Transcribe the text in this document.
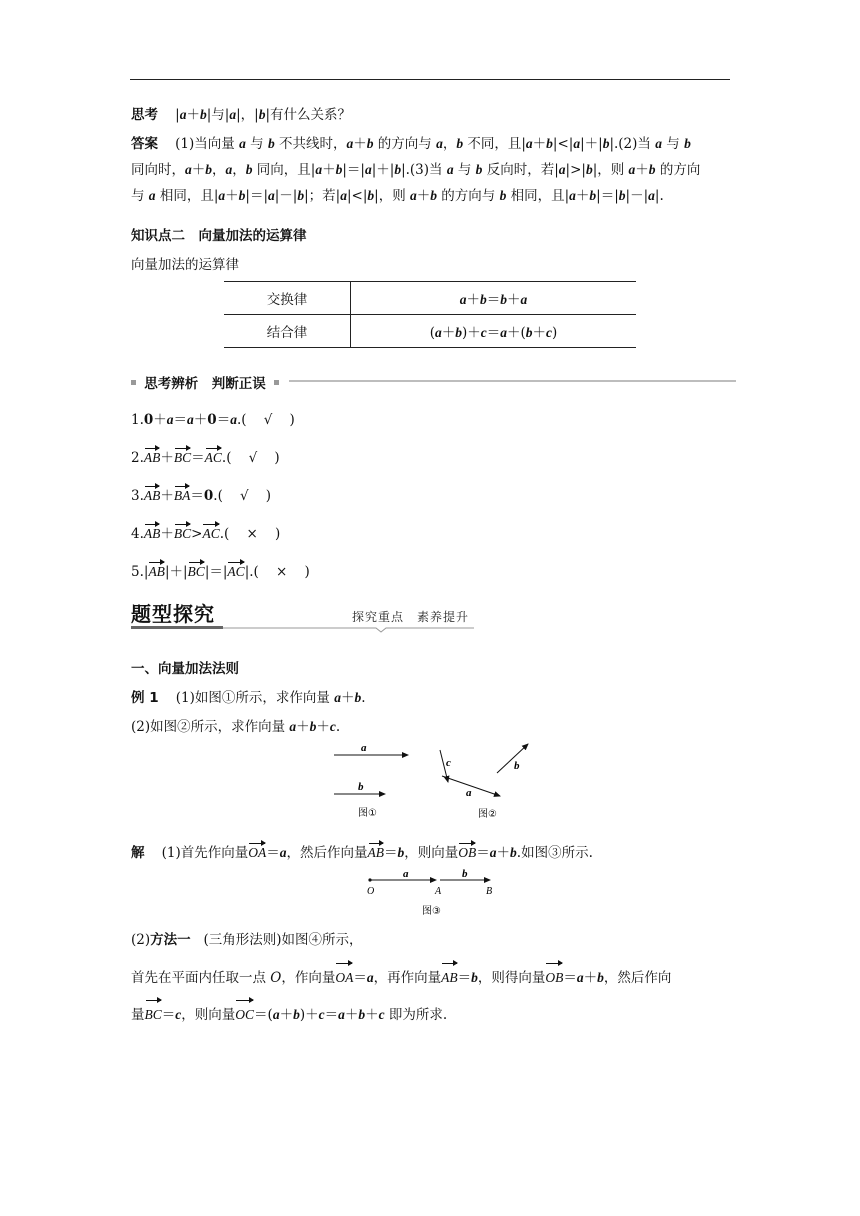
思考 |a＋b|与|a|，|b|有什么关系？
答案    (1)当向量 a 与 b 不共线时，a＋b 的方向与 a，b 不同，且|a＋b|<|a|＋|b|.(2)当 a 与 b
同向时，a＋b，a，b 同向，且|a＋b|＝|a|＋|b|.(3)当 a 与 b 反向时，若|a|>|b|，则 a＋b 的方向
与 a 相同，且|a＋b|＝|a|－|b|；若|a|<|b|，则 a＋b 的方向与 b 相同，且|a＋b|＝|b|－|a|.
知识点二　向量加法的运算律
向量加法的运算律
交换律	a＋b＝b＋a
结合律	(a＋b)＋c＝a＋(b＋c)
思考辨析　判断正误
1.0＋a＝a＋0＝a.(    √    )
2.AB＋BC＝AC.(    √    )
3.AB＋BA＝0.(    √    )
4.AB＋BC>AC.(    ×    )
5.|AB|＋|BC|＝|AC|.(    ×    )
题型探究	探究重点　素养提升
一、向量加法法则
例 1    (1)如图①所示，求作向量 a＋b.
(2)如图②所示，求作向量 a＋b＋c.
a
b
图①
c
a
b
图②
解    (1)首先作向量OA＝a，然后作向量AB＝b，则向量OB＝a＋b.如图③所示.
a	b
O	A	B
图③
(2)方法一   (三角形法则)如图④所示，
首先在平面内任取一点 O，作向量OA＝a，再作向量AB＝b，则得向量OB＝a＋b，然后作向
量BC＝c，则向量OC＝(a＋b)＋c＝a＋b＋c 即为所求.
